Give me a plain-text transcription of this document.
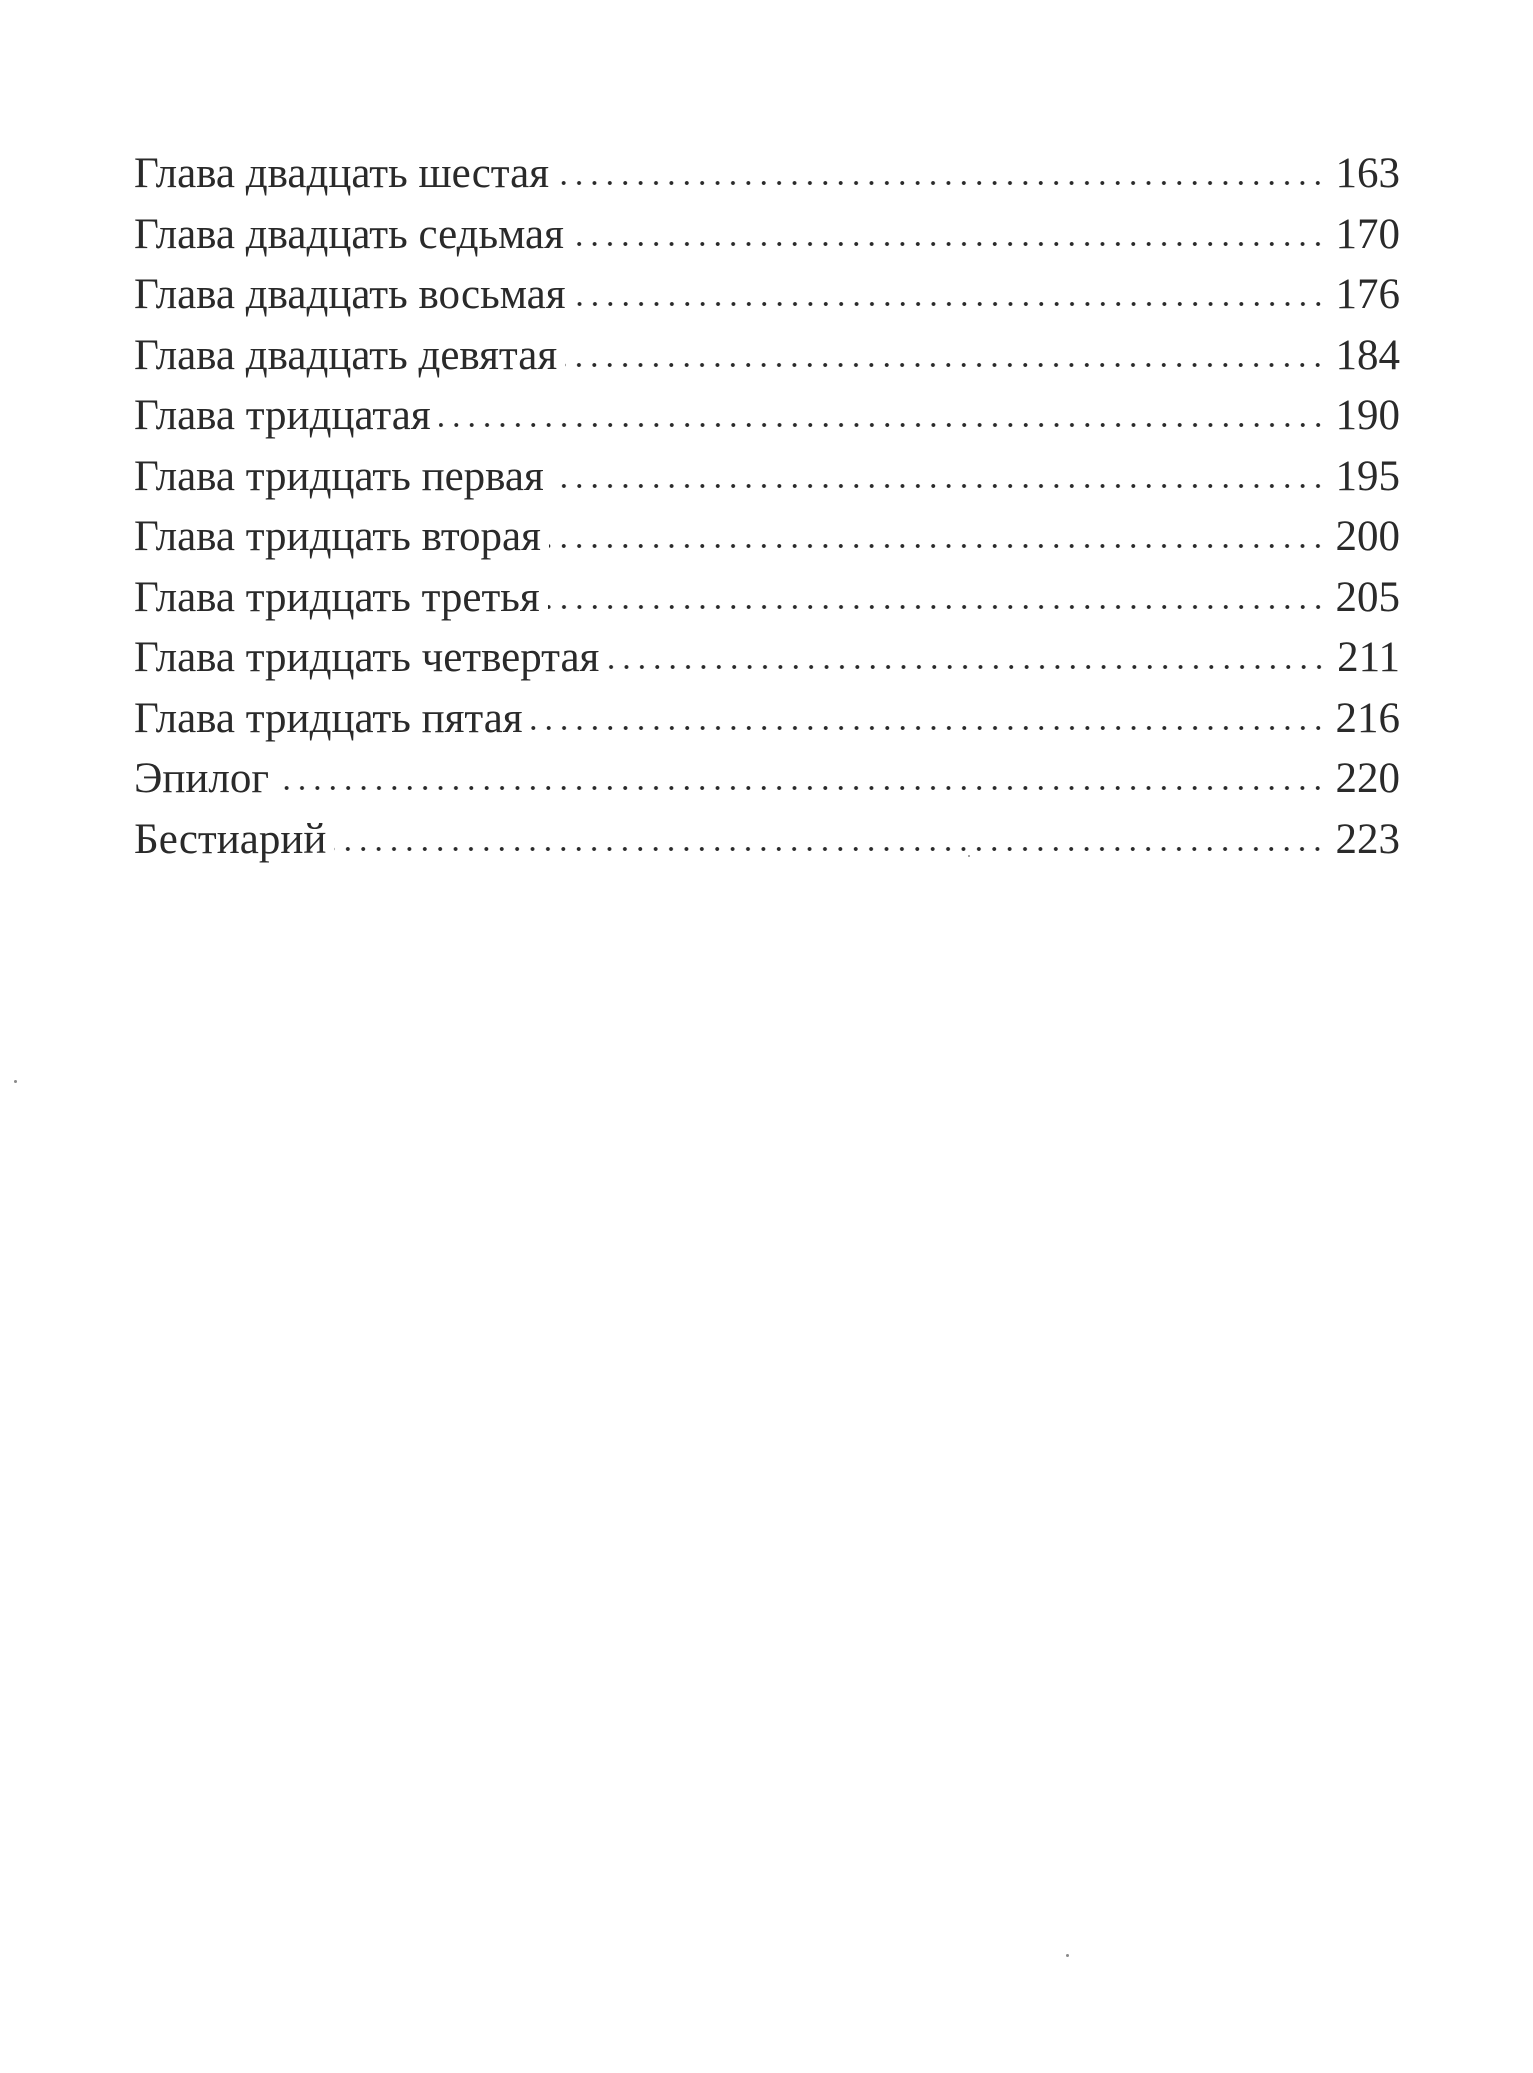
Глава двадцать шестая	163
Глава двадцать седьмая	170
Глава двадцать восьмая	176
Глава двадцать девятая	184
Глава тридцатая	190
Глава тридцать первая	195
Глава тридцать вторая	200
Глава тридцать третья	205
Глава тридцать четвертая	211
Глава тридцать пятая	216
Эпилог	220
Бестиарий	223
